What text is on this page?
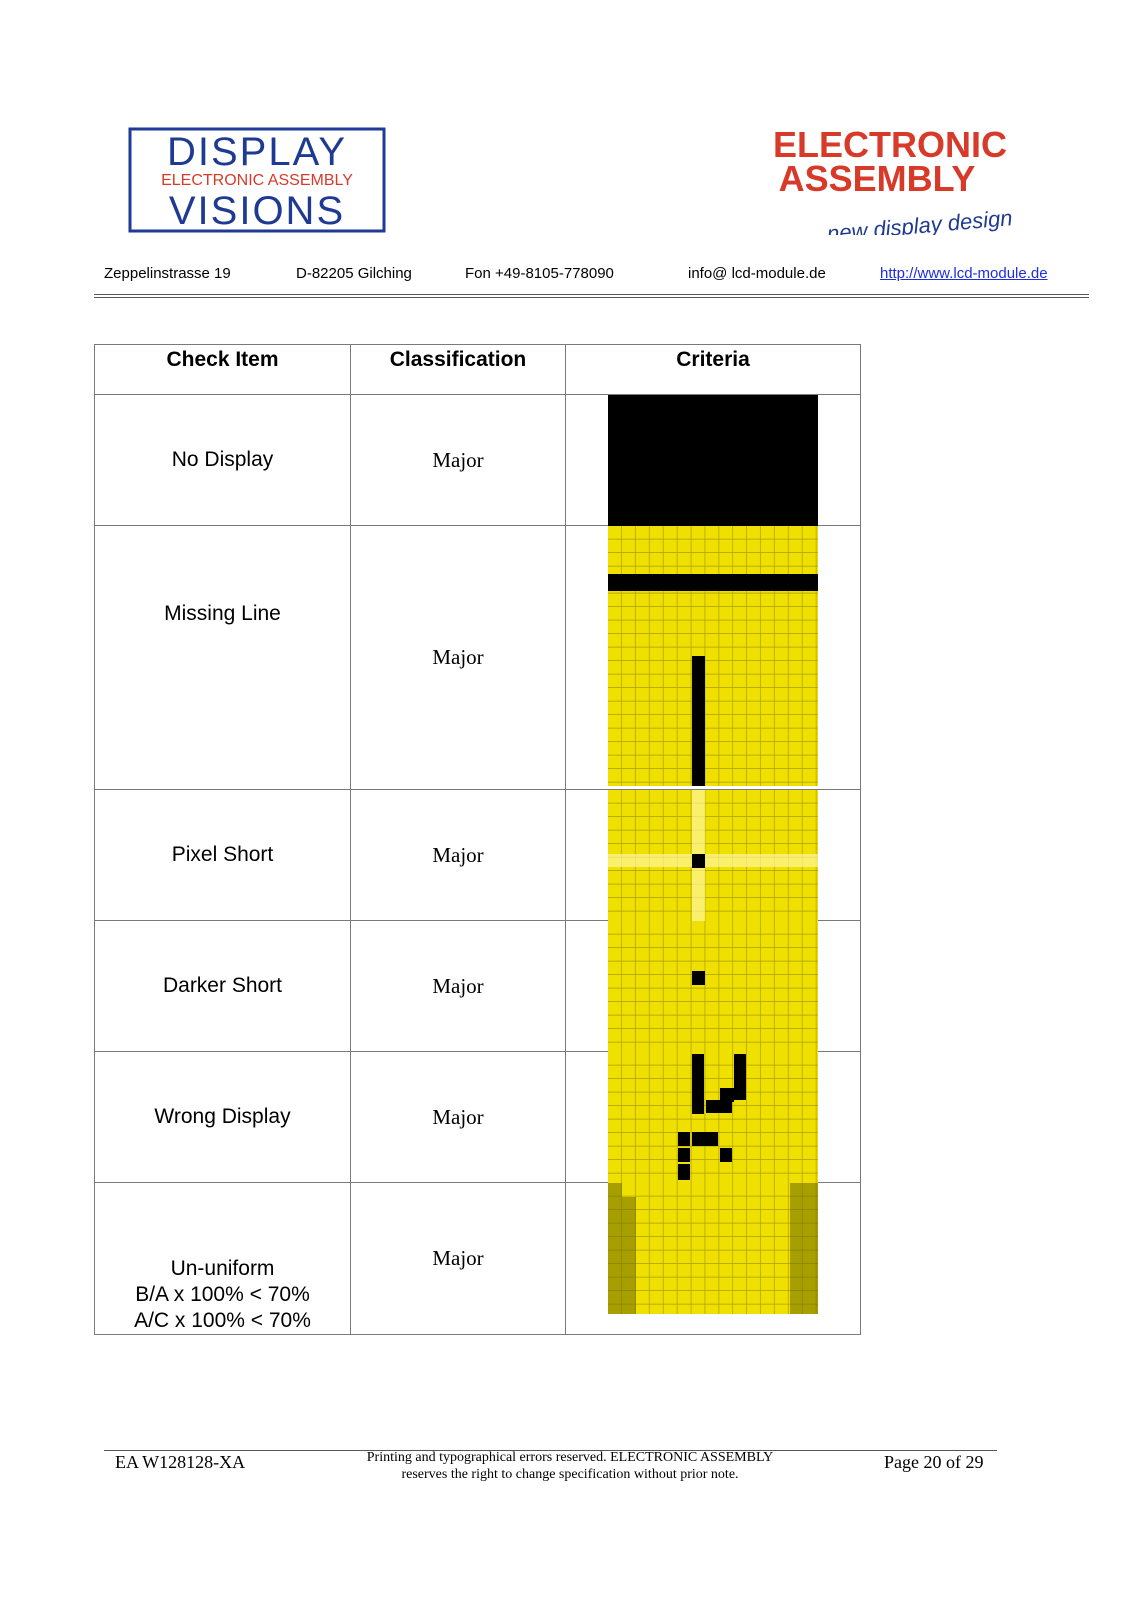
DISPLAY
ELECTRONIC ASSEMBLY
VISIONS
ELECTRONIC
ASSEMBLY
new display design
Zeppelinstrasse 19	D-82205 Gilching	Fon +49-8105-778090	info@ lcd-module.de	http://www.lcd-module.de
Check Item	Classification	Criteria
No Display	Major	

Missing Line	Major	

Pixel Short	Major	

Darker Short	Major	

Wrong Display	Major	

Un-uniform
B/A x 100% < 70%
A/C x 100% < 70%	Major	
EA W128128-XA	Printing and typographical errors reserved. ELECTRONIC ASSEMBLY
reserves the right to change specification without prior note.
Page 20 of 29
